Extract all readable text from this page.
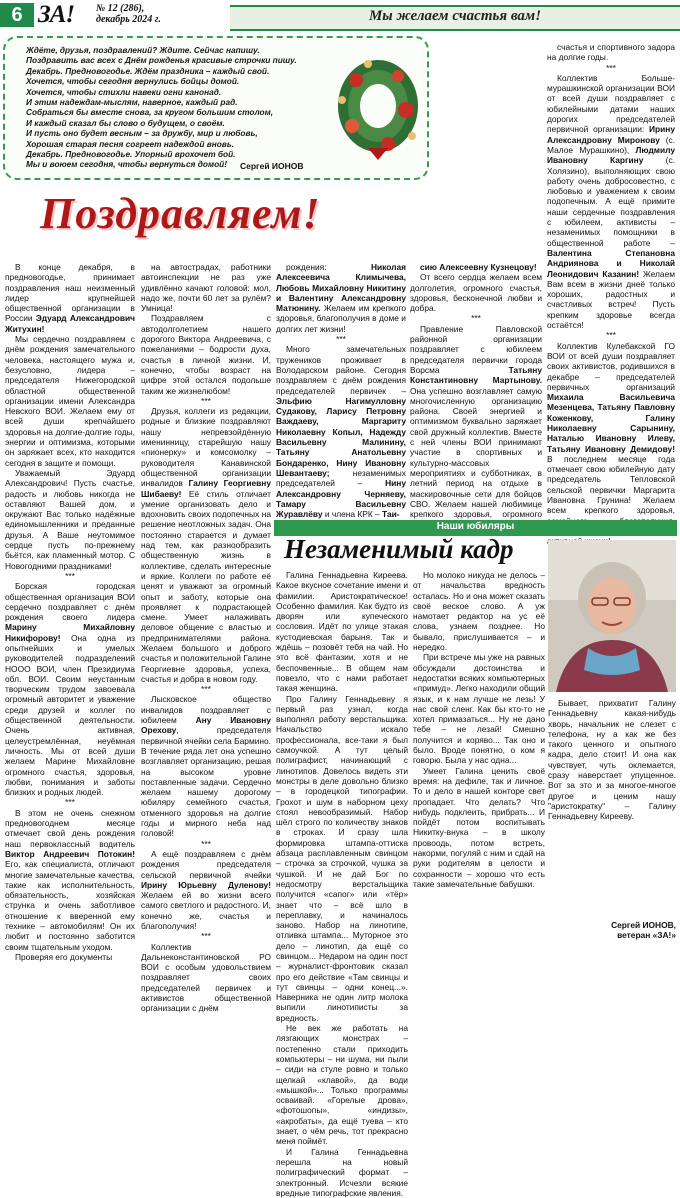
6 ЗА! № 12 (286),
декабрь 2024 г.	Мы желаем счастья вам!
Ждёте, друзья, поздравлений? Ждите. Сейчас напишу.
Поздравить вас всех с Днём рожденья красивые строчки пишу.
Декабрь. Предновогодье. Ждём праздника – каждый свой.
Хочется, чтобы сегодня вернулись бойцы домой.
Хочется, чтобы стихли навеки огни канонад.
И этим надеждам-мыслям, наверное, каждый рад.
Собраться бы вместе снова, за кругом большим столом,
И каждый сказал бы слово о будущем, о своём.
И пусть оно будет весным – за дружбу, мир и любовь,
Хорошая старая песня согреет надеждой вновь.
Декабрь. Предновогодье. Упорный врохочет бой.
Мы и воюем сегодня, чтобы вернуться домой!	Сергей ИОНОВ
Поздравляем!

В конце декабря, в предновогодье, принимает поздравления наш неизменный лидер крупнейшей общественной организации в России Эдуард Александрович Житухин!

Мы сердечно поздравляем с днём рождения замечательного человека, настоящего мужа и, безусловно, лидера – председателя Нижегородской областной общественной организации имени Александра Невского ВОИ. Желаем ему от всей души крепчайшего здоровья на долгие-долгие годы, энергии и оптимизма, которыми он заряжает всех, кто находится сегодня в защите и помощи.

Уважаемый Эдуард Александрович! Пусть счастье, радость и любовь никогда не оставляют Вашей дом, и окружают Вас только надёжные единомышленники и преданные друзья. А Ваше неутомимое сердце пусть по-прежнему бьётся, как пламенный мотор. С Новогодними праздниками!

***

Борская городская общественная организация ВОИ сердечно поздравляет с днём рождения своего лидера Марину Михайловну Никифорову! Она одна из опытнейших и умелых руководителей подразделений НООО ВОИ, член Президиума обл. ВОИ. Своим неустанным творческим трудом завоевала огромный авторитет и уважение среди друзей и коллег по общественной деятельности. Очень активная, целеустремлённая, неуёмная личность. Мы от всей души желаем Марине Михайловне огромного счастья, здоровья, любви, понимания и заботы близких и родных людей.

***

В этом не очень снежном предновогоднем месяце отмечает свой день рождения наш первоклассный водитель Виктор Андреевич Потокин! Его, как специалиста, отличают многие замечательные качества, такие как исполнительность, обязательность, хозяйская струнка и очень заботливое отношение к вверенной ему технике – автомобилям! Он их любит и постоянно заботится своим тщательным уходом.

Проверяя его документы

на автострадах, работники автоинспекции не раз уже удивлённо качают головой: мол, надо же, почти 60 лет за рулём? Умница!

Поздравляем с автодолголетием нашего дорогого Виктора Андреевича, с пожеланиями – бодрости духа, счастья в личной жизни. И, конечно, чтобы возраст на цифре этой остался подольше таким же жизнелюбом!

***

Друзья, коллеги из редакции, родные и близкие поздравляют нашу непревзойдённую именинницу, старейшую нашу «пионерку» и комсомолку – руководителя Канавинской общественной организации инвалидов Галину Георгиевну Шибаеву! Её стиль отличает умение организовать дело и вдохновить своих подопечных на решение неотложных задач. Она постоянно старается и думает над тем, как разнообразить общественную жизнь в коллективе, сделать интересные и яркие. Коллеги по работе её ценят и уважают за огромный опыт и заботу, которые она проявляет к подрастающей смене. Умеет налаживать деловое общение с властью и предпринимателями района. Желаем большого и доброго счастья и положительной Галине Георгиевне здоровья, успеха, счастья и добра в новом году.

***

Лысковское общество инвалидов поздравляет с юбилеем Ану Ивановну Орехову, председателя первичной ячейки села Бармино. В течение ряда лет она успешно возглавляет организацию, решая на высоком уровне поставленные задачи. Сердечно желаем нашему дорогому юбиляру семейного счастья, отменного здоровья на долгие годы и мирного неба над головой!

***

А ещё поздравляем с днём рождения председателя сельской первичной ячейки Ирину Юрьевну Дуленову! Желаем ей во жизни всего самого светлого и радостного. И, конечно же, счастья и благополучия!

***

Коллектив Дальнеконстантиновской РО ВОИ с особым удовольствием поздравляет своих председателей первичек и активистов общественной организации с днём

рождения: Николая Алексеевича Климычева, Любовь Михайловну Никитину и Валентину Александровну Матюнину. Желаем им крепкого здоровья, благополучия в доме и долгих лет жизни!

***

Много замечательных тружеников проживает в Володарском районе. Сегодня поздравляем с днём рождения председателей первичек – Эльфию Нагимулловну Судакову, Ларису Петровну Важдаеву, Маргариту Николаевну Копыл, Надежду Васильевну Малинину, Татьяну Анатольевну Бондаренко, Нину Ивановну Шевантаеву; незаменимых председателей – Нину Александровну Черняеву, Тамару Васильевну Журавлёву и члена КРК – Таи-

сию Алексеевну Кузнецову!

От всего сердца желаем всем долголетия, огромного счастья, здоровья, бесконечной любви и добра.

***

Правление Павловской районной организации поздравляет с юбилеем председателя первички города Ворсма Татьяну Константиновну Мартынову. Она успешно возглавляет самую многочисленную организацию района. Своей энергией и оптимизмом буквально заряжает свой дружный коллектив. Вместе с ней члены ВОИ принимают участие в спортивных и культурно-массовых мероприятиях и субботниках, в летний период на отдыхе в маскировочные сети для бойцов СВО. Желаем нашей любимице крепкого здоровья, огромного

счастья и спортивного задора на долгие годы.

***

Коллектив Больше-мурашкинской организации ВОИ от всей души поздравляет с юбилейными датами наших дорогих председателей первичной организации: Ирину Александровну Миронову (с. Малое Мурашкино), Людмилу Ивановну Каргину (с. Холязино), выполняющих свою работу очень добросовестно, с любовью и уважением к своим подопечным. А ещё примите наши сердечные поздравления с юбилеем, активисты – незаменимых помощники в общественной работе – Валентина Степановна Андриянова и Николай Леонидович Казанин! Желаем Вам всем в жизни днеё только хороших, радостных и счастливых встреч! Пусть крепким здоровье всегда остаётся!

***

Коллектив Кулебакской ГО ВОИ от всей души поздравляет своих активистов, родившихся в декабре – председателей первичных организаций Михаила Васильевича Мезенцева, Татьяну Павловну Коженкову, Галину Николаевну Сарынину, Наталью Ивановну Илеву, Татьяну Ивановну Демидову! В последнем месяце года отмечает свою юбилейную дату председатель Тепловской сельской первички Маргарита Ивановна Грунина! Желаем всем крепкого здоровья,

Наши юбиляры
Незаменимый кадр

Галина Геннадьевна Киреева. Какое вкусное сочетание имени и фамилии. Аристократическое! Особенно фамилия. Как будто из дворян или купеческого сословия. Идёт по улице этакая кустодиевская барыня. Так и ждёшь – позовёт тебя на чай. Но это всё фантазии, хотя и не беспочвенные... В общем нам повезло, что с нами работает такая женщина.

Про Галину Геннадьевну я первый раз узнал, когда выполнял работу верстальщика. Начальство искало профессионала, все-таки я был самоучкой. А тут целый полиграфист, начинающий с линотипов. Довелось видеть эти монстры в деле довольно близко – в городецкой типографии. Грохот и шум в наборном цеху стоял невообразимый. Набор шёл строго по количеству знаков в строках. И сразу шла формировка штампа-оттиска абзаца расплавленным свинцом – строчка за строчкой, чушка за чушкой. И не дай Бог по недосмотру верстальщика получится «сапог» или «тёр» знает что – всё шло в переплавку, и начиналось заново. Набор на линотипе, отливка штампа... Муторное это дело – линотип, да ещё со свинцом... Недаром на один пост – журналист-фронтовик сказал про его действие «Там свинцы и тут свинцы – одни конец...». Наверника не один литр молока выпили линотиписты за вредность.

Не век же работать на лязгающих монстрах – постепенно стали приходить компьютеры – ни шума, ни пыли – сиди на стуле ровно и только щелкай «клавой», да води «мышкой»... Только программы осваивай. «Горелые дрова», «фотошопы», «индизы», «акробаты», да ещё туева – кто знает, о чём речь, тот прекрасно меня поймёт.

И Галина Геннадьевна перешла на новый полиграфический формат – электронный. Исчезли всякие вредные типографские явления.

Но молоко никуда не делось – от начальства вредность осталась. Но и она может сказать своё веское слово. А уж намотает редактор на ус её слова, узнаем позднее. Но бывало, прислушивается – и нередко.

При встрече мы уже на равных обсуждали достоинства и недостатки всяких компьютерных «примуд». Легко находили общий язык, и к нам лучше не лезь! У нас свой сленг. Как бы кто-то не хотел примазаться... Ну не дано тебе – не лезай! Смешно получится и коряво... Так оно и было. Вроде понятно, о ком я говорю. Была у нас одна...

Умеет Галина ценить своё время: на дефиле, так и личное. То и дело в нашей конторе свет пропадает. Что делать? Что нибудь подклеить, прибрать... И пойдёт потом воспитывать Никитку-внука – в школу провоодь, потом встреть, накорми, погуляй с ним и сдай на руки родителям в целости и сохранности – хорошо что есть такие замечательные бабушки.

Бывает, прихватит Галину Геннадьевну какая-нибудь хворь, начальник не слезет с телефона, ну а как же без такого ценного и опытного кадра, дело стоит! И она как чувствует, чуть оклемается, сразу наверстает упущенное. Вот за это и за многое-многое другое и ценим нашу "аристократку" – Галину Геннадьевну Кирееву.

Сергей ИОНОВ,
ветеран «ЗА!»
